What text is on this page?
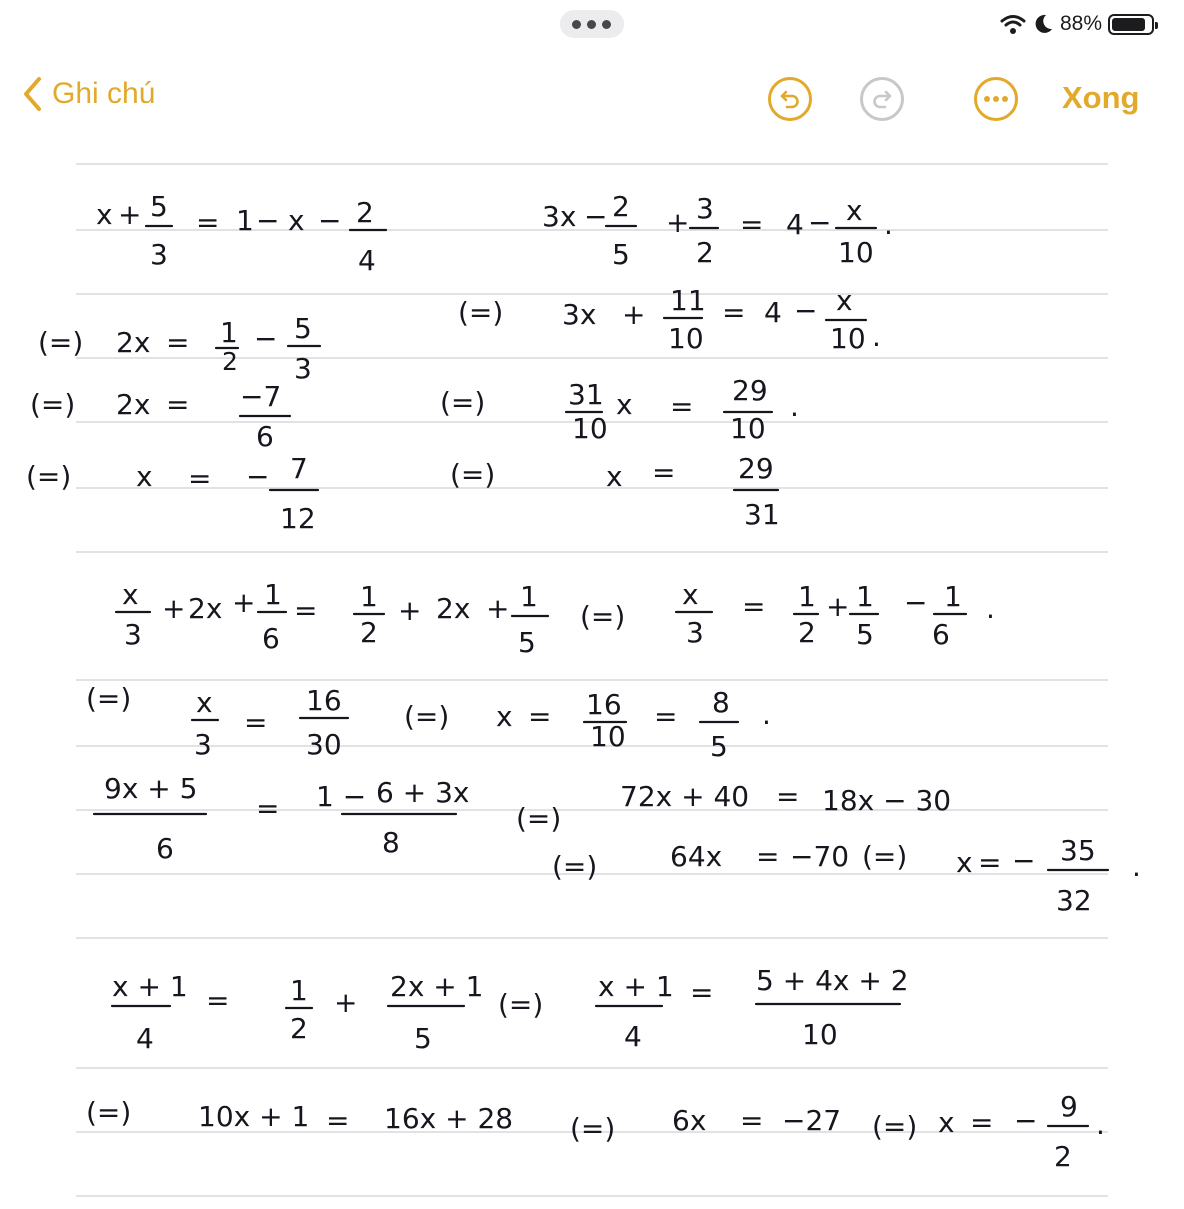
88%
Ghi chú	Xong
x + 5
3
= 1 − x − 2
4
(=) 2x = 1
2
− 5
3
(=) 2x = −7
6
(=) x = − 7
12
3x − 2
5
+ 3
2
= 4 − x
10
.
(=) 3x + 11
10
= 4 − x
10 .
(=)	31
10
x = 29
10
.
(=)	x = 29
31
x
3
+ 2x + 1
6
= 1
2
+ 2x + 1
5
(=)
x
3
= 1
2
+ 1
5
− 1
6
.
(=) x
3
=
16
30
(=) x = 16
10
= 8
5
.
9x + 5
6
= 1 − 6 + 3x
8
(=)
72x + 40 = 18x − 30
(=)	64x = −70 (=) x = − 35
32
.
x + 1
4
= 1
2
+ 2x + 1
5
(=)
x + 1
4
= 5 + 4x + 2
10
(=) 10x + 1 = 16x + 28 (=) 6x = −27 (=) x = − 9
2
.
